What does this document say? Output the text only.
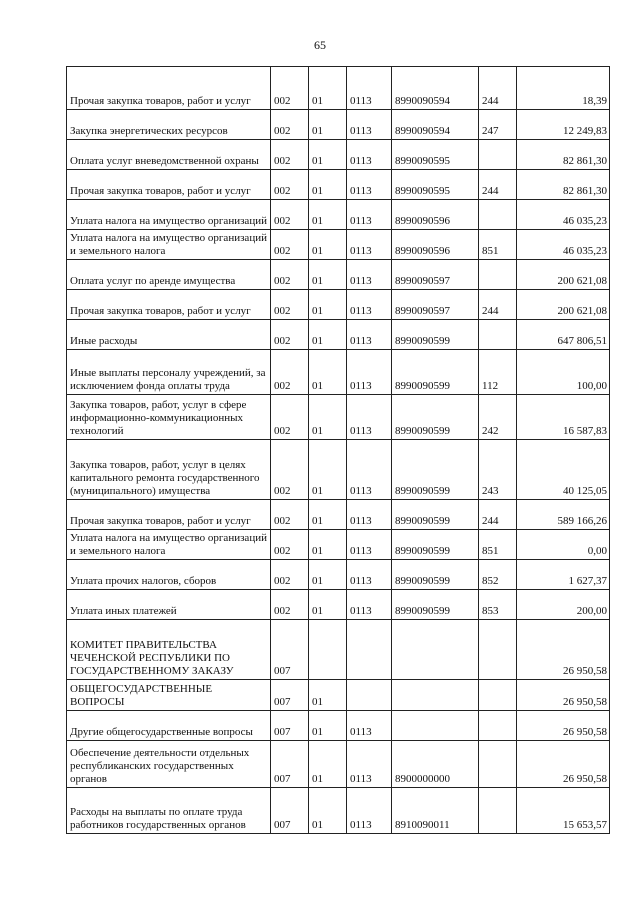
65
Прочая закупка товаров, работ и услуг	002	01	0113	8990090594	244	18,39
Закупка энергетических ресурсов	002	01	0113	8990090594	247	12 249,83
Оплата услуг вневедомственной охраны	002	01	0113	8990090595		82 861,30
Прочая закупка товаров, работ и услуг	002	01	0113	8990090595	244	82 861,30
Уплата налога на имущество организаций	002	01	0113	8990090596		46 035,23
Уплата налога на имущество организаций и земельного налога	002	01	0113	8990090596	851	46 035,23
Оплата услуг по аренде имущества	002	01	0113	8990090597		200 621,08
Прочая закупка товаров, работ и услуг	002	01	0113	8990090597	244	200 621,08
Иные расходы	002	01	0113	8990090599		647 806,51
Иные выплаты персоналу учреждений, за исключением фонда оплаты труда	002	01	0113	8990090599	112	100,00
Закупка товаров, работ, услуг в сфере информационно-коммуникационных технологий	002	01	0113	8990090599	242	16 587,83
Закупка товаров, работ, услуг в целях капитального ремонта государственного (муниципального) имущества	002	01	0113	8990090599	243	40 125,05
Прочая закупка товаров, работ и услуг	002	01	0113	8990090599	244	589 166,26
Уплата налога на имущество организаций и земельного налога	002	01	0113	8990090599	851	0,00
Уплата прочих налогов, сборов	002	01	0113	8990090599	852	1 627,37
Уплата иных платежей	002	01	0113	8990090599	853	200,00
КОМИТЕТ ПРАВИТЕЛЬСТВА ЧЕЧЕНСКОЙ РЕСПУБЛИКИ ПО ГОСУДАРСТВЕННОМУ ЗАКАЗУ	007					26 950,58
ОБЩЕГОСУДАРСТВЕННЫЕ ВОПРОСЫ	007	01				26 950,58
Другие общегосударственные вопросы	007	01	0113			26 950,58
Обеспечение деятельности отдельных республиканских государственных органов	007	01	0113	8900000000		26 950,58
Расходы на выплаты по оплате труда работников государственных органов	007	01	0113	8910090011		15 653,57
